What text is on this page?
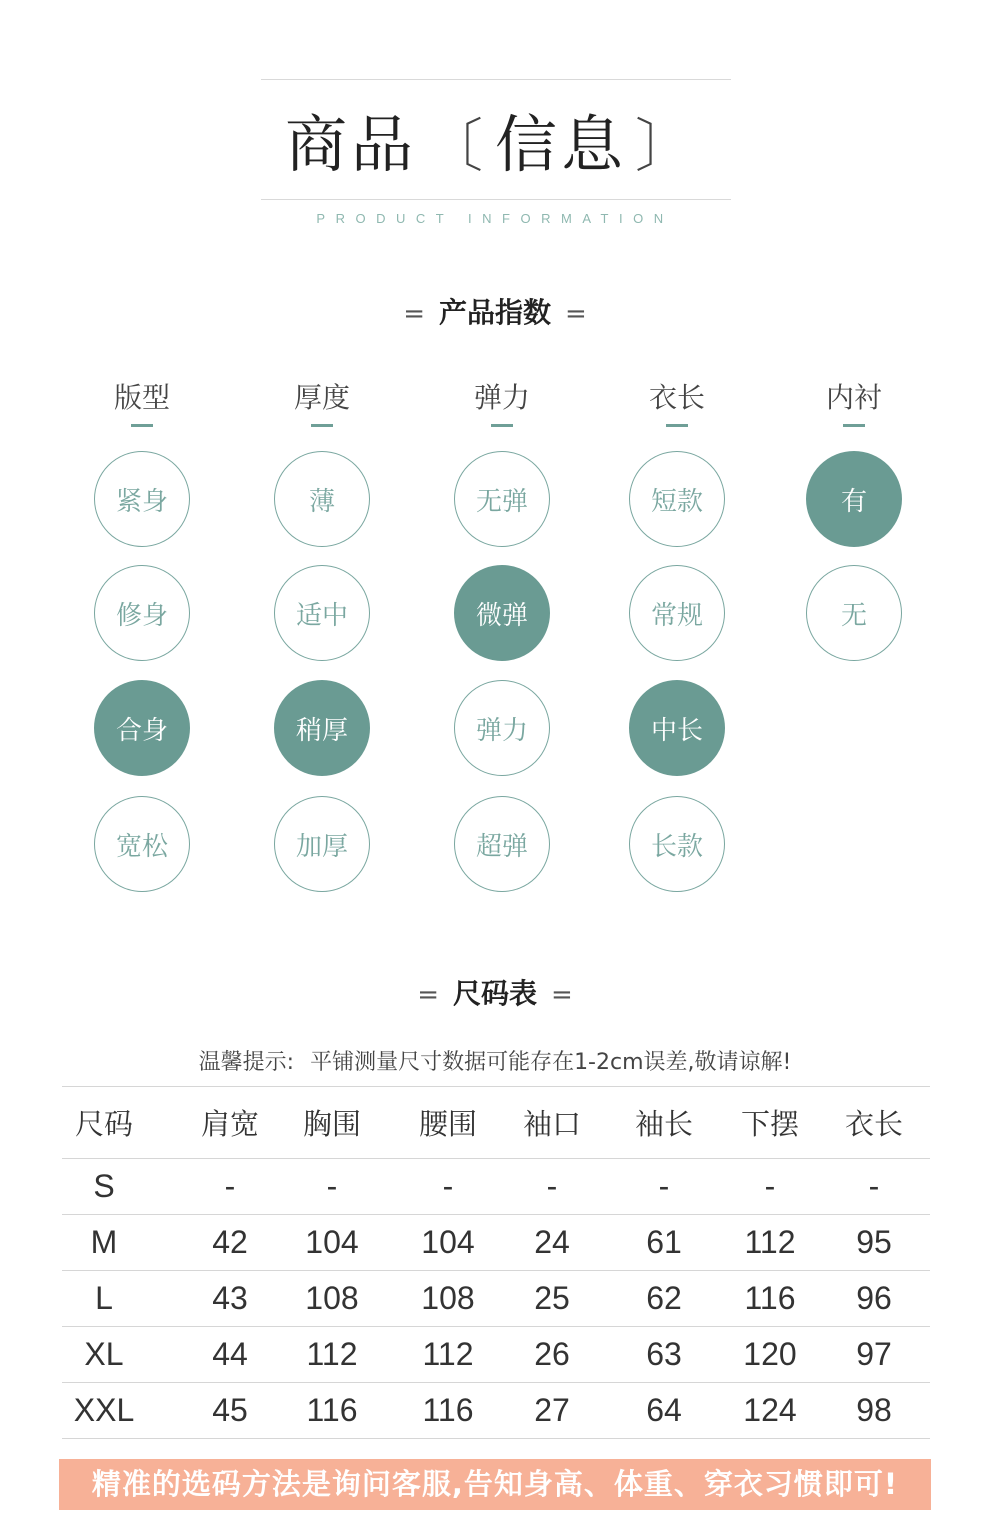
商品 〔 信息 〕
PRODUCT INFORMATION
= 产品指数 =
版型
紧身
修身
合身
宽松
厚度
薄
适中
稍厚
加厚
弹力
无弹
微弹
弹力
超弹
衣长
短款
常规
中长
长款
内衬
有
无
= 尺码表 =
温馨提示: 平铺测量尺寸数据可能存在1-2cm误差,敬请谅解!
尺码	肩宽	胸围	腰围	袖口	袖长	下摆	衣长
S	-	-	-	-	-	-	-
M	42	104	104	24	61	112	95
L	43	108	108	25	62	116	96
XL	44	112	112	26	63	120	97
XXL	45	116	116	27	64	124	98
精准的选码方法是询问客服,告知身高、体重、穿衣习惯即可!
